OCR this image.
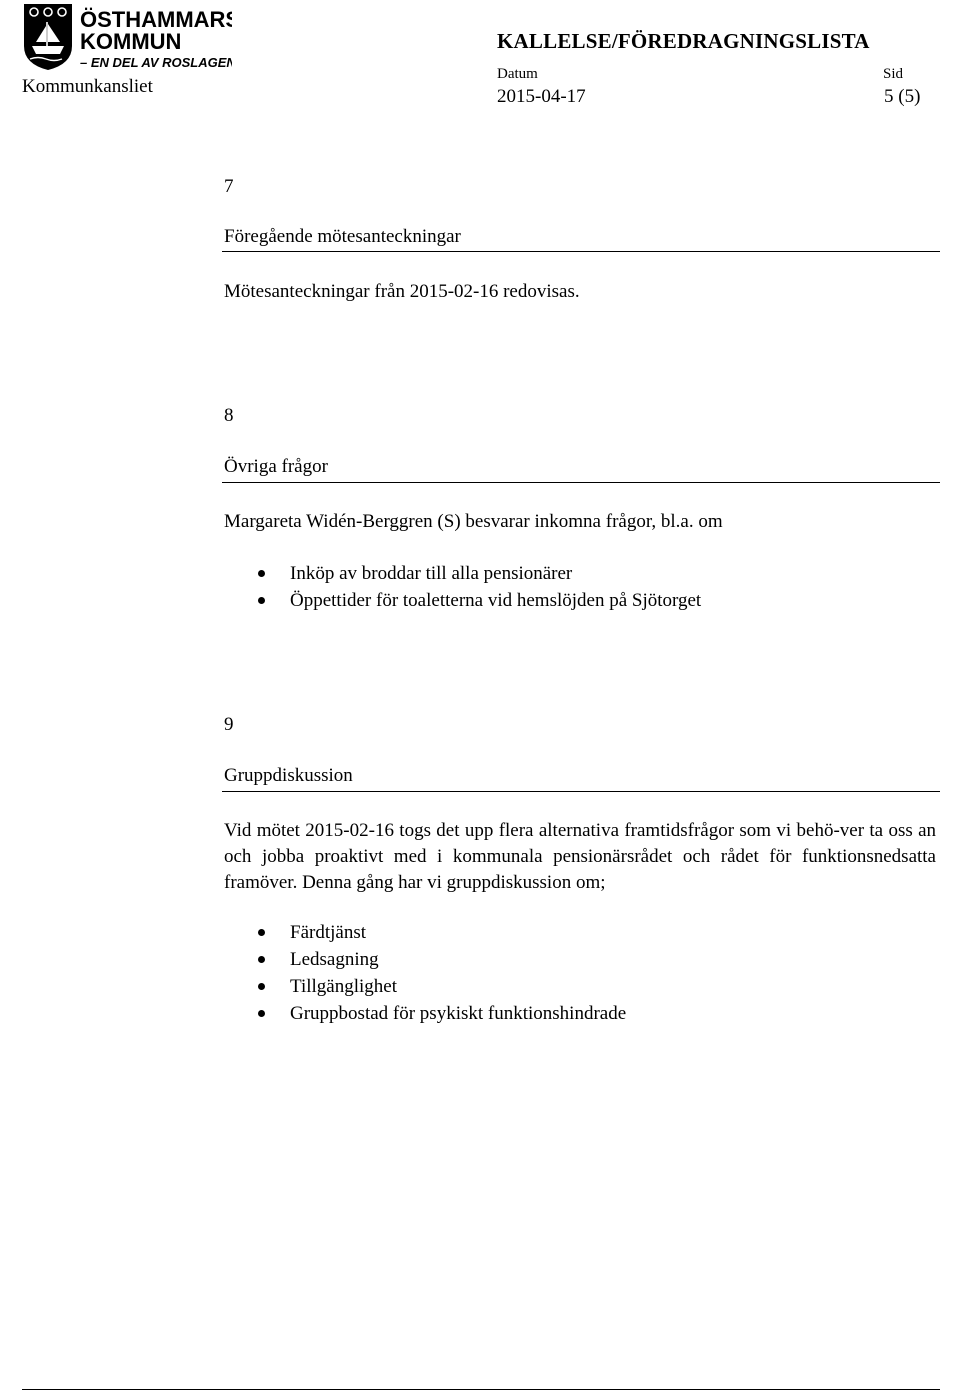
ÖSTHAMMARS
KOMMUN
– EN DEL AV ROSLAGEN
Kommunkansliet
KALLELSE/FÖREDRAGNINGSLISTA
Datum	Sid
2015-04-17	5 (5)
7
Föregående mötesanteckningar
Mötesanteckningar från 2015-02-16 redovisas.
8
Övriga frågor
Margareta Widén-Berggren (S) besvarar inkomna frågor, bl.a. om
Inköp av broddar till alla pensionärer
Öppettider för toaletterna vid hemslöjden på Sjötorget
9
Gruppdiskussion
Vid mötet 2015-02-16 togs det upp flera alternativa framtidsfrågor som vi behö-ver ta oss an och jobba proaktivt med i kommunala pensionärsrådet och rådet för funktionsnedsatta framöver. Denna gång har vi gruppdiskussion om;
Färdtjänst
Ledsagning
Tillgänglighet
Gruppbostad för psykiskt funktionshindrade
